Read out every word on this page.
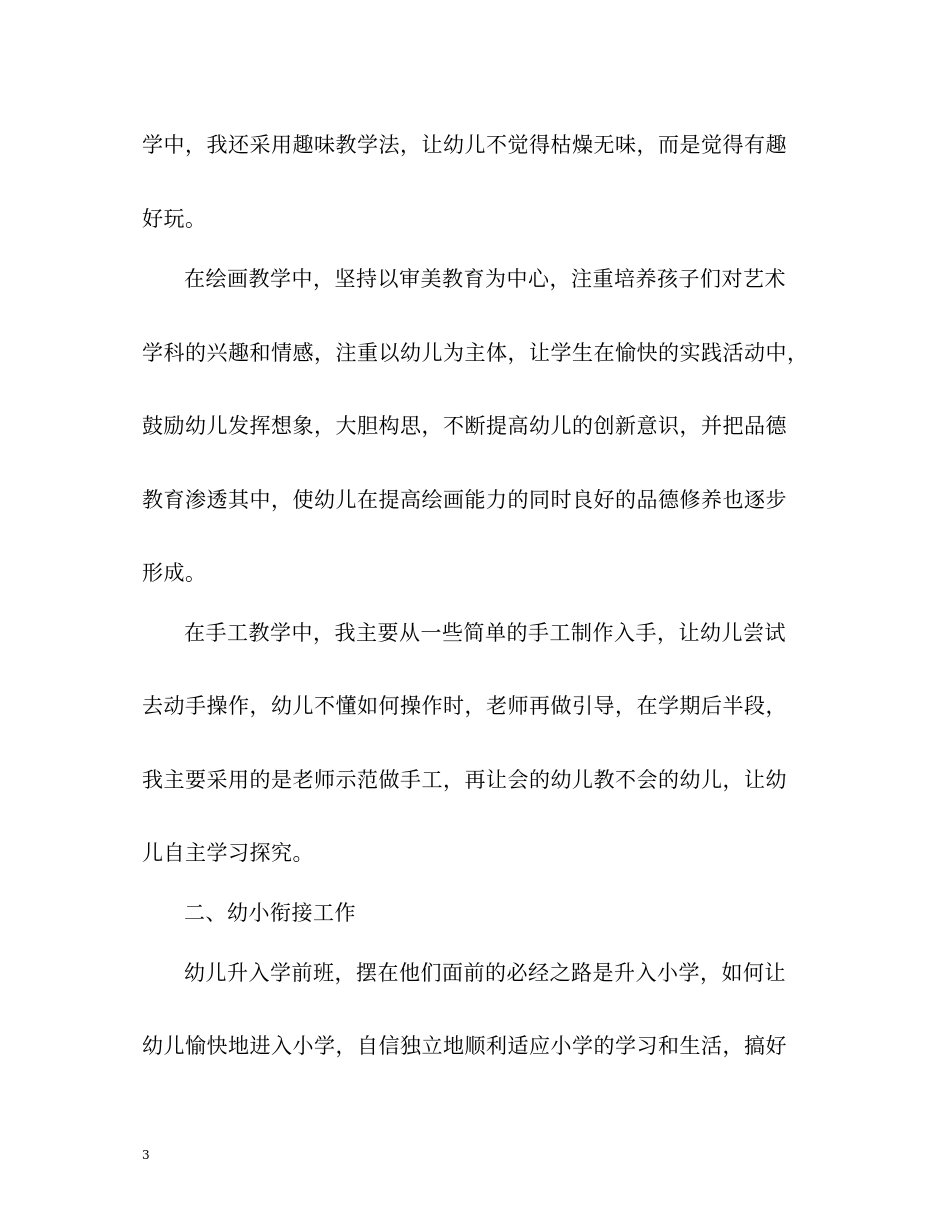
学中，我还采用趣味教学法，让幼儿不觉得枯燥无味，而是觉得有趣
好玩。
在绘画教学中，坚持以审美教育为中心，注重培养孩子们对艺术
学科的兴趣和情感，注重以幼儿为主体，让学生在愉快的实践活动中，
鼓励幼儿发挥想象，大胆构思，不断提高幼儿的创新意识，并把品德
教育渗透其中，使幼儿在提高绘画能力的同时良好的品德修养也逐步
形成。
在手工教学中，我主要从一些简单的手工制作入手，让幼儿尝试
去动手操作，幼儿不懂如何操作时，老师再做引导，在学期后半段，
我主要采用的是老师示范做手工，再让会的幼儿教不会的幼儿，让幼
儿自主学习探究。
二、幼小衔接工作
幼儿升入学前班，摆在他们面前的必经之路是升入小学，如何让
幼儿愉快地进入小学，自信独立地顺利适应小学的学习和生活，搞好
3
